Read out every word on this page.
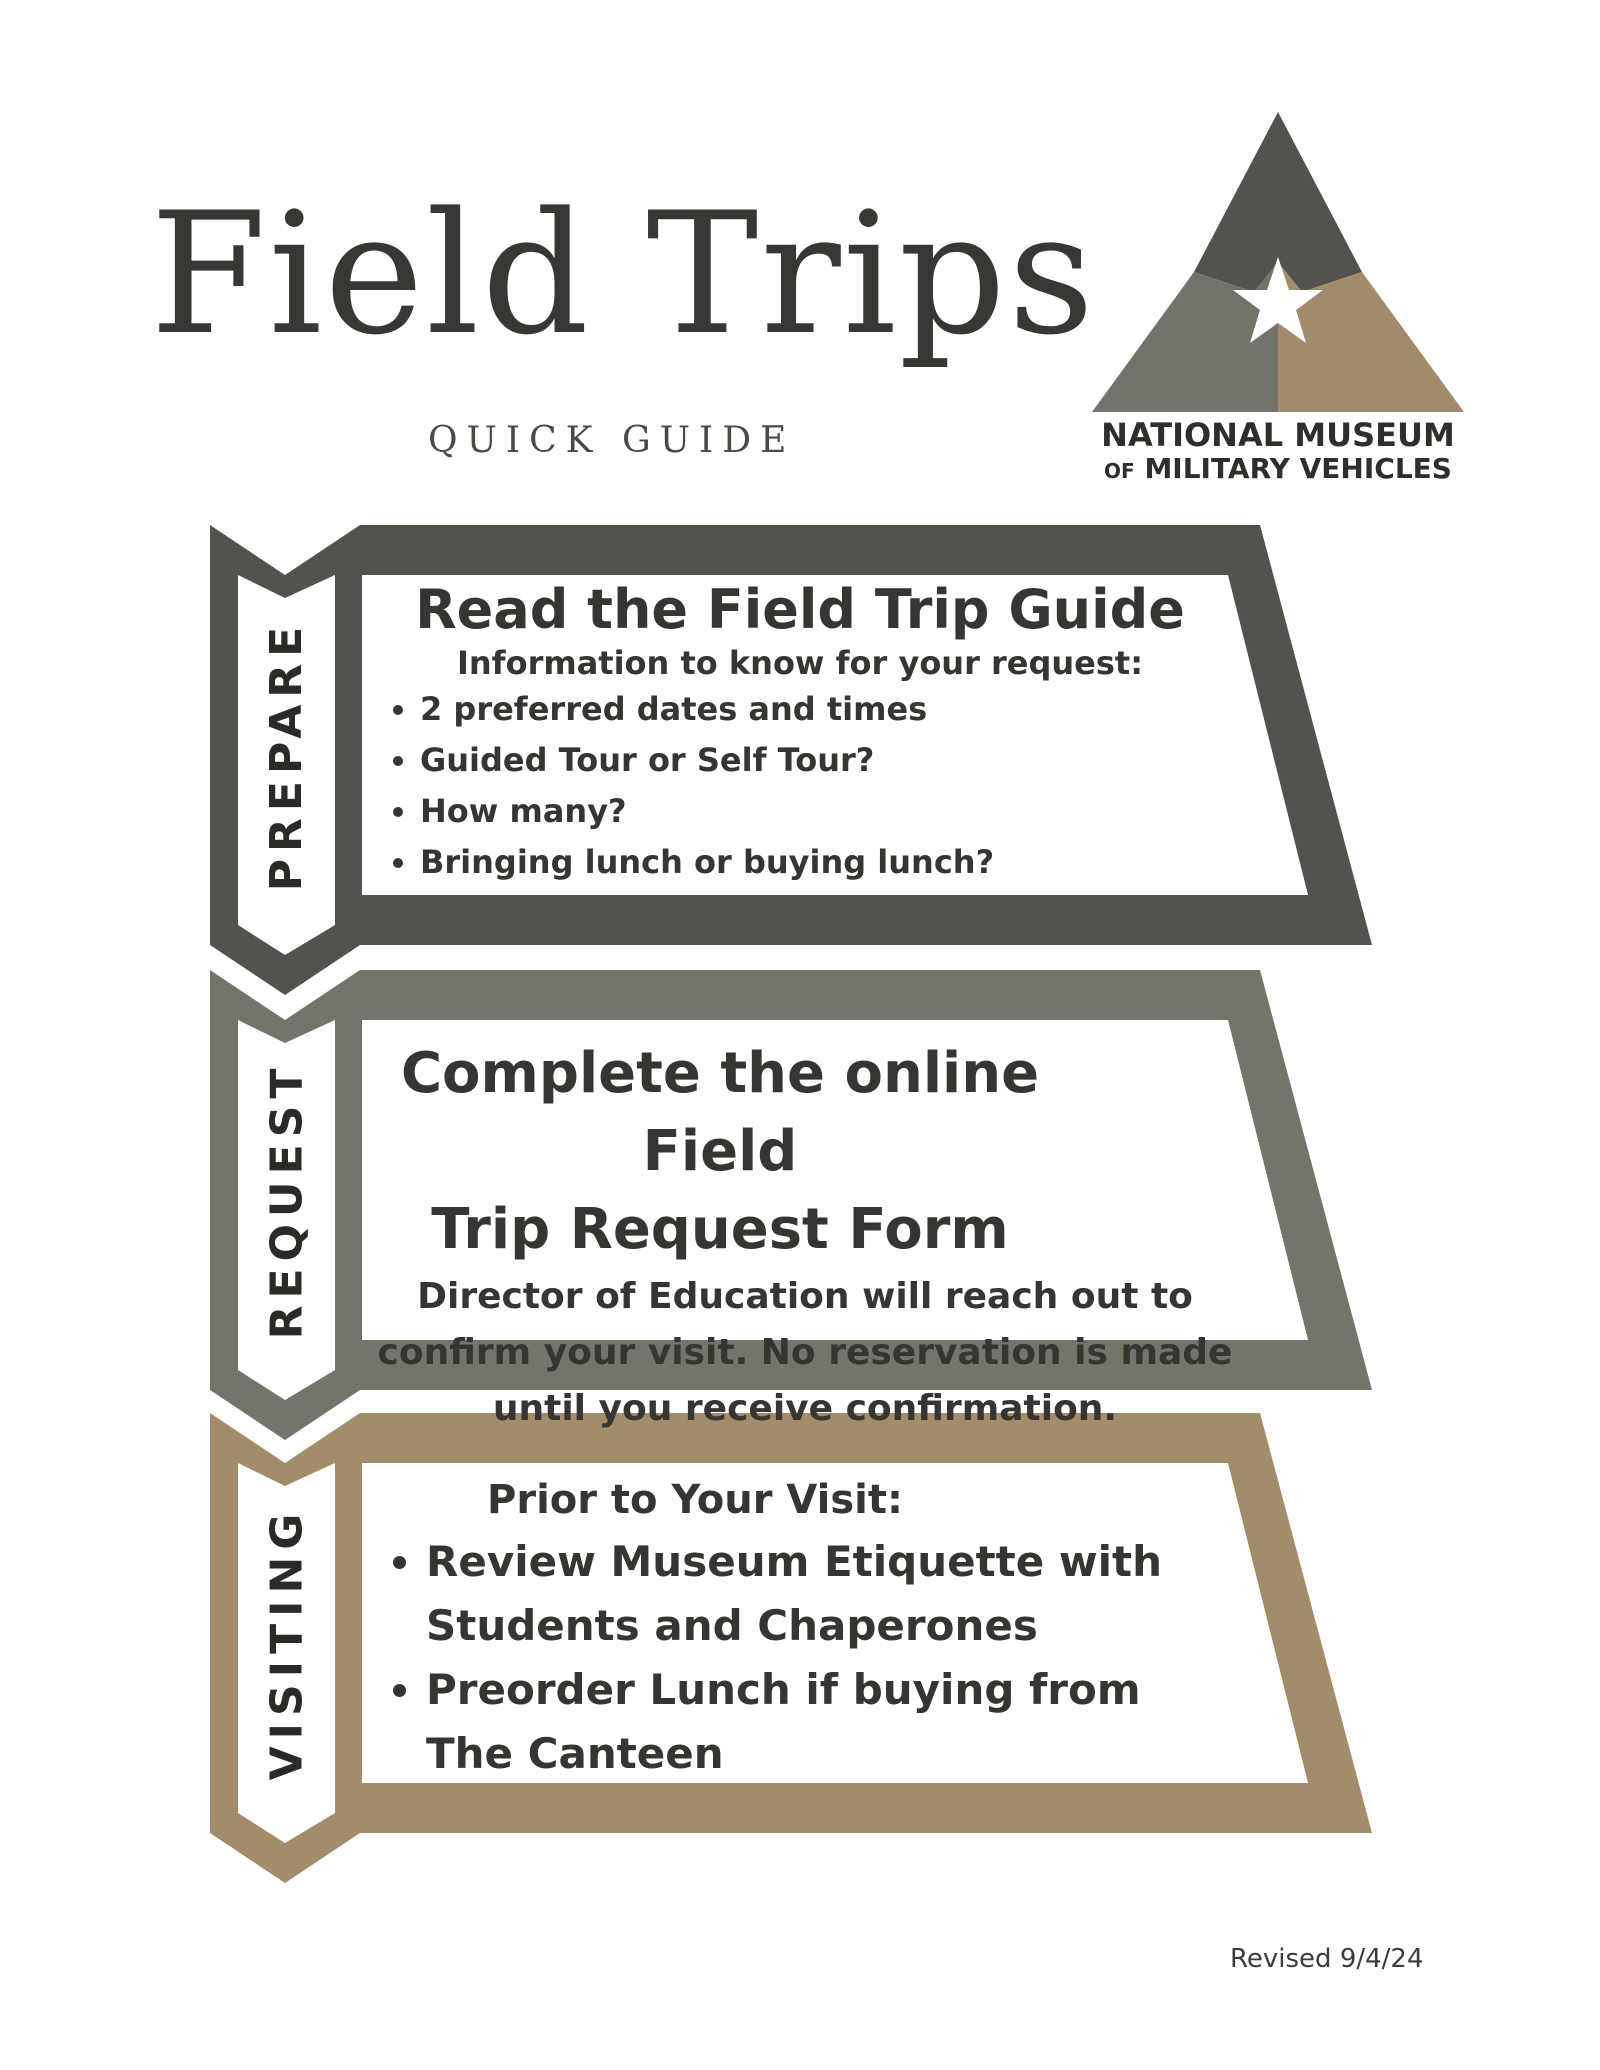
Field Trips
QUICK GUIDE	NATIONAL MUSEUM
OF MILITARY VEHICLES
PREPARE
REQUEST
VISITING

Read the Field Trip Guide

Information to know for your request:

• 2 preferred dates and times
• Guided Tour or Self Tour?
• How many?
• Bringing lunch or buying lunch?

Complete the online Field
Trip Request Form

Director of Education will reach out to
confirm your visit. No reservation is made
until you receive confirmation.

Prior to Your Visit:

• Review Museum Etiquette with Students and Chaperones
• Preorder Lunch if buying from The Canteen
Revised 9/4/24
